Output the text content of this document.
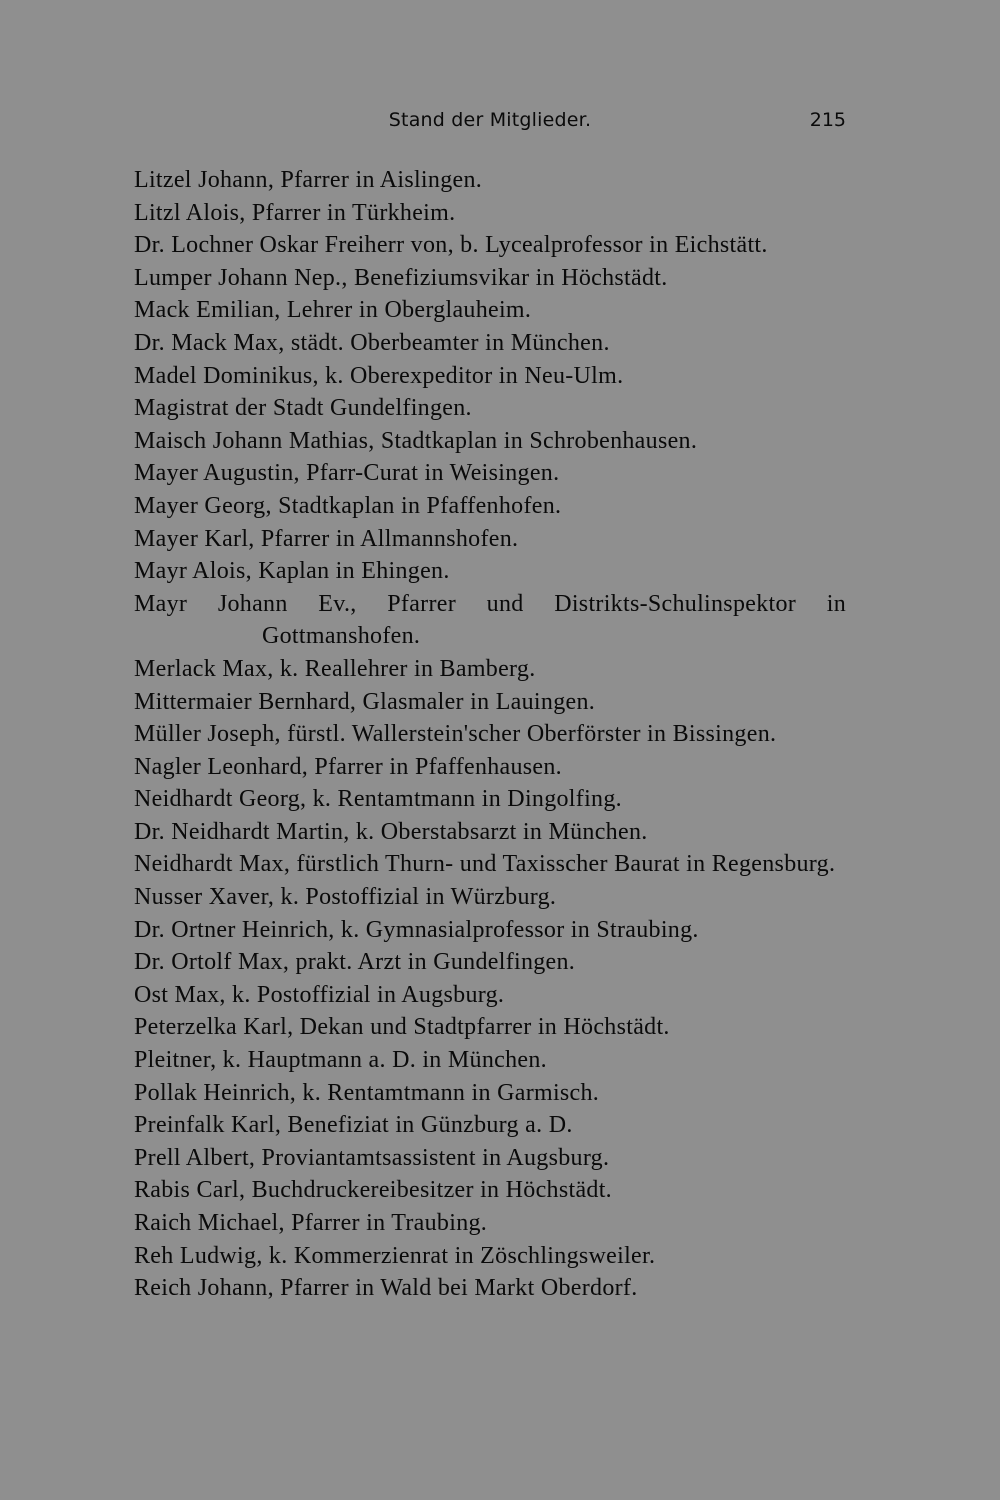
Stand der Mitglieder.	215
Litzel Johann, Pfarrer in Aislingen.
Litzl Alois, Pfarrer in Türkheim.
Dr. Lochner Oskar Freiherr von, b. Lycealprofessor in Eichstätt.
Lumper Johann Nep., Benefiziumsvikar in Höchstädt.
Mack Emilian, Lehrer in Oberglauheim.
Dr. Mack Max, städt. Oberbeamter in München.
Madel Dominikus, k. Oberexpeditor in Neu-Ulm.
Magistrat der Stadt Gundelfingen.
Maisch Johann Mathias, Stadtkaplan in Schrobenhausen.
Mayer Augustin, Pfarr-Curat in Weisingen.
Mayer Georg, Stadtkaplan in Pfaffenhofen.
Mayer Karl, Pfarrer in Allmannshofen.
Mayr Alois, Kaplan in Ehingen.
Mayr Johann Ev., Pfarrer und Distrikts-Schulinspektor in Gottmanshofen.
Merlack Max, k. Reallehrer in Bamberg.
Mittermaier Bernhard, Glasmaler in Lauingen.
Müller Joseph, fürstl. Wallerstein'scher Oberförster in Bissingen.
Nagler Leonhard, Pfarrer in Pfaffenhausen.
Neidhardt Georg, k. Rentamtmann in Dingolfing.
Dr. Neidhardt Martin, k. Oberstabsarzt in München.
Neidhardt Max, fürstlich Thurn- und Taxisscher Baurat in Regensburg.
Nusser Xaver, k. Postoffizial in Würzburg.
Dr. Ortner Heinrich, k. Gymnasialprofessor in Straubing.
Dr. Ortolf Max, prakt. Arzt in Gundelfingen.
Ost Max, k. Postoffizial in Augsburg.
Peterzelka Karl, Dekan und Stadtpfarrer in Höchstädt.
Pleitner, k. Hauptmann a. D. in München.
Pollak Heinrich, k. Rentamtmann in Garmisch.
Preinfalk Karl, Benefiziat in Günzburg a. D.
Prell Albert, Proviantamtsassistent in Augsburg.
Rabis Carl, Buchdruckereibesitzer in Höchstädt.
Raich Michael, Pfarrer in Traubing.
Reh Ludwig, k. Kommerzienrat in Zöschlingsweiler.
Reich Johann, Pfarrer in Wald bei Markt Oberdorf.
